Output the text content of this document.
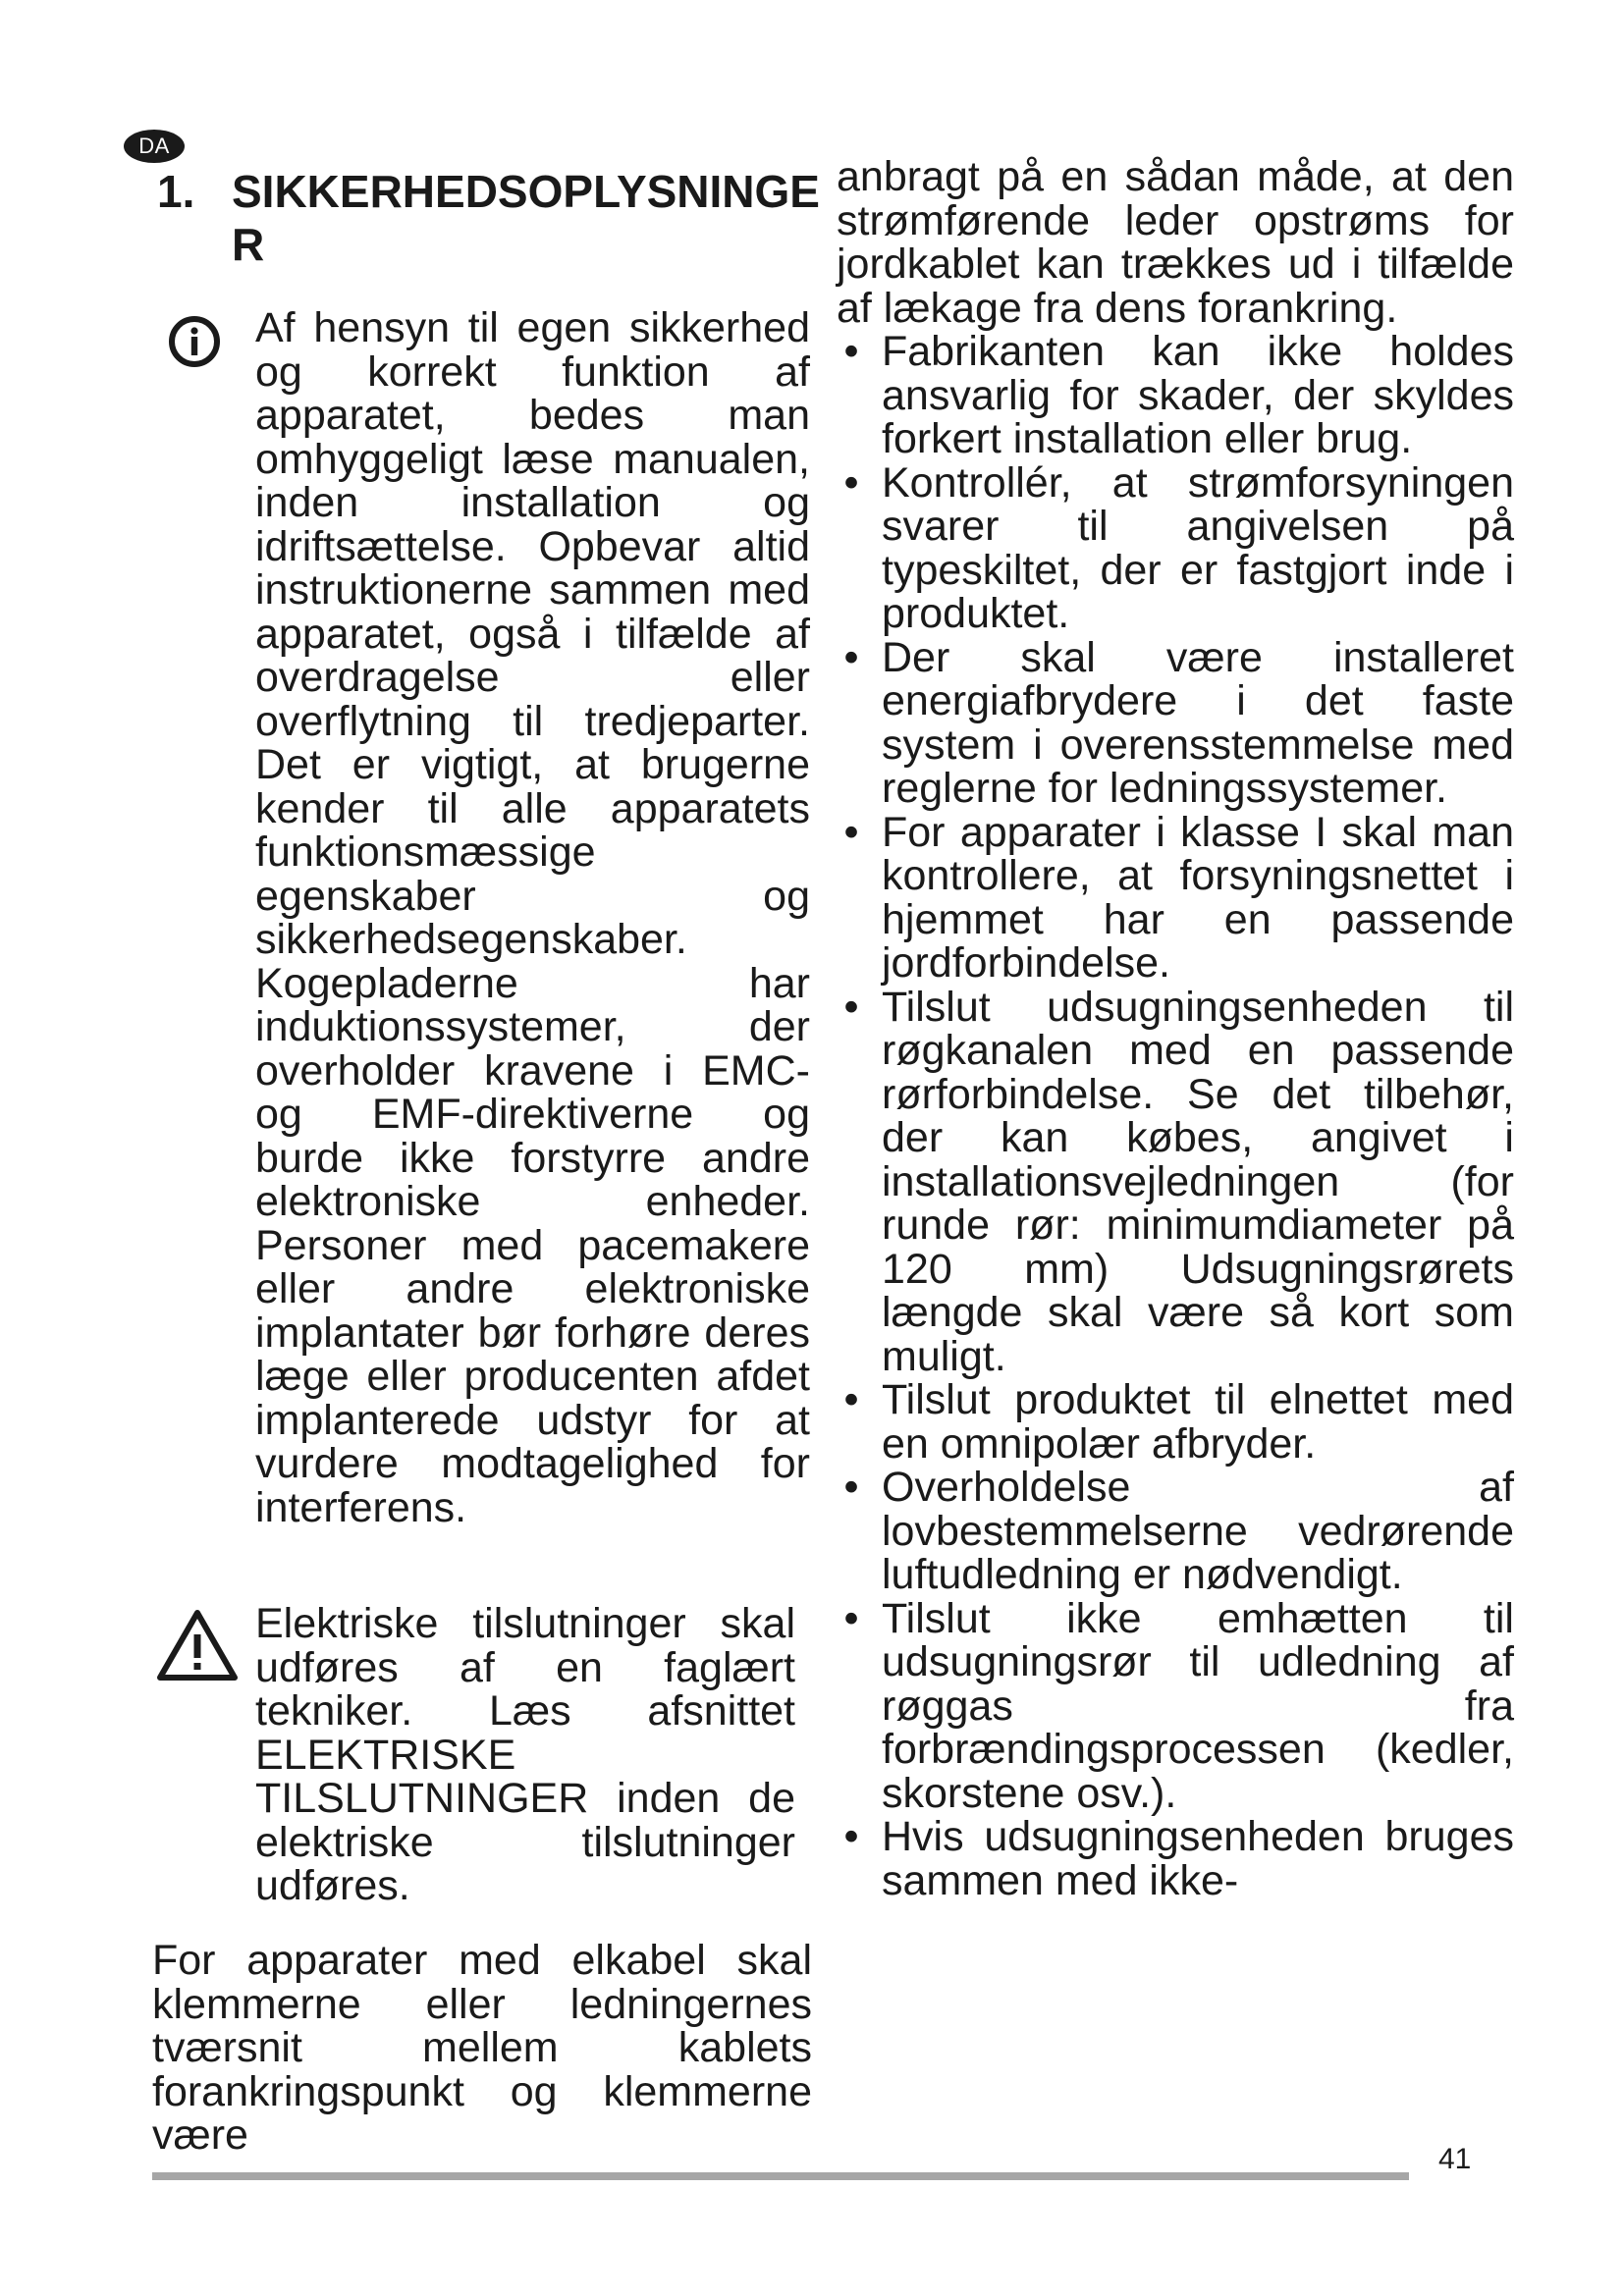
DA
1. SIKKERHEDSOPLYSNINGER
Af hensyn til egen sikkerhed og korrekt funktion af apparatet, bedes man omhyggeligt læse manualen, inden installation og idriftsættelse. Opbevar altid instruktionerne sammen med apparatet, også i tilfælde af overdragelse eller overflytning til tredjeparter. Det er vigtigt, at brugerne kender til alle apparatets funktionsmæssige egenskaber og sikkerhedsegenskaber. Kogepladerne har induktionssystemer, der overholder kravene i EMC- og EMF-direktiverne og burde ikke forstyrre andre elektroniske enheder. Personer med pacemakere eller andre elektroniske implantater bør forhøre deres læge eller producenten afdet implanterede udstyr for at vurdere modtagelighed for interferens.
Elektriske tilslutninger skal udføres af en faglært tekniker. Læs afsnittet ELEKTRISKE TILSLUTNINGER inden de elektriske tilslutninger udføres.
For apparater med elkabel skal klemmerne eller ledningernes tværsnit mellem kablets forankringspunkt og klemmerne være

anbragt på en sådan måde, at den strømførende leder opstrøms for jordkablet kan trækkes ud i tilfælde af lækage fra dens forankring.

• Fabrikanten kan ikke holdes ansvarlig for skader, der skyldes forkert installation eller brug.
• Kontrollér, at strømforsyningen svarer til angivelsen på typeskiltet, der er fastgjort inde i produktet.
• Der skal være installeret energiafbrydere i det faste system i overensstemmelse med reglerne for ledningssystemer.
• For apparater i klasse I skal man kontrollere, at forsyningsnettet i hjemmet har en passende jordforbindelse.
• Tilslut udsugningsenheden til røgkanalen med en passende rørforbindelse. Se det tilbehør, der kan købes, angivet i installationsvejledningen (for runde rør: minimumdiameter på 120 mm) Udsugningsrørets længde skal være så kort som muligt.
• Tilslut produktet til elnettet med en omnipolær afbryder.
• Overholdelse af lovbestemmelserne vedrørende luftudledning er nødvendigt.
• Tilslut ikke emhætten til udsugningsrør til udledning af røggas fra forbrændingsprocessen (kedler, skorstene osv.).
• Hvis udsugningsenheden bruges sammen med ikke-
41
